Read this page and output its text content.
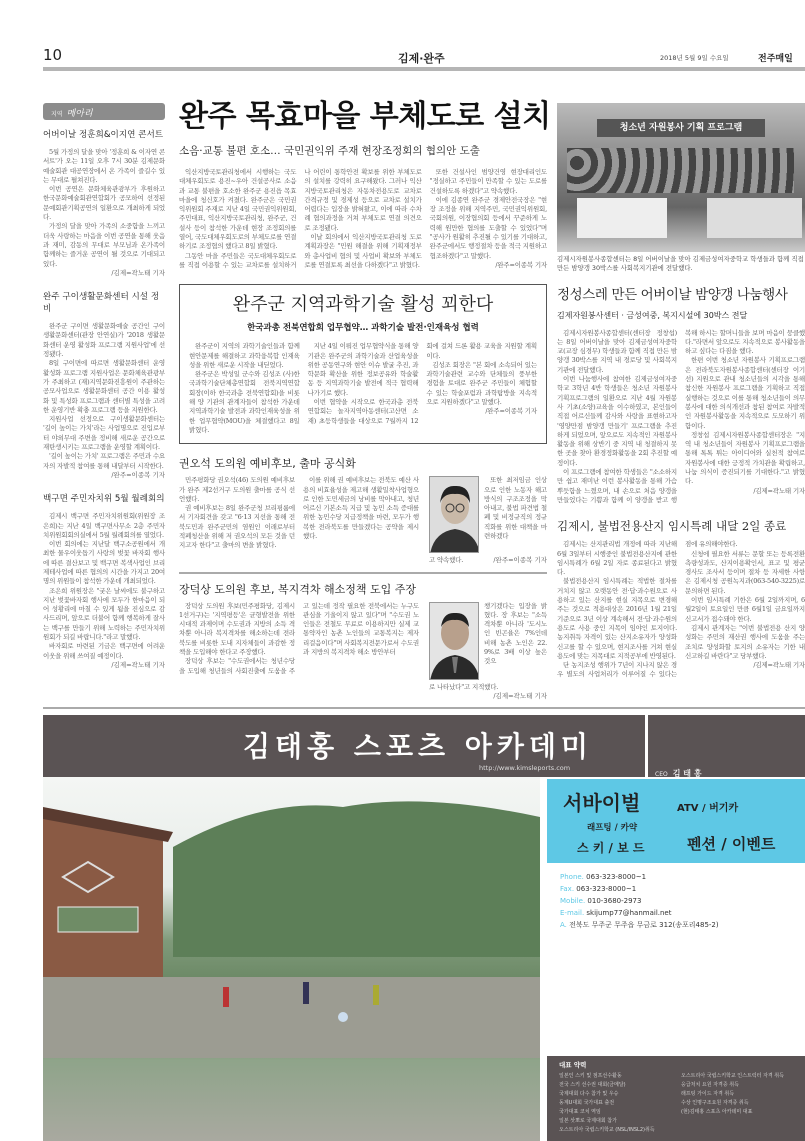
10	김제·완주	2018년 5월 9일 수요일	전주매일
지역 메아리
어버이날 정훈희&이지연 콘서트

5월 가정의 달을 맞아 '정훈희 & 이자연 콘서트'가 오는 11일 오후 7시 30분 김제문화예술회관 대공연장에서 온 가족이 즐길수 있는 무대로 펼쳐진다.

이번 공연은 문화체육관광부가 후원하고 한국문화예술회관연합회가 공모하여 선정된 문예회관기획공연의 일환으로 개최하게 되었다.

가정의 달을 맞아 가족의 소중함을 느끼고 더욱 사랑하는 마음을 이번 공연을 통해 웃음과 재미, 감동의 무대로 부모님과 온가족이 함께하는 즐거운 공연이 될 것으로 기대되고 있다.

/김제=곽노태 기자
완주 구이생활문화센터 시설 정비

완주군 구이면 생활문화예술 공간인 구이생활문화센터(관장 안연실)가 '2018 생활문화센터 운영 활성화 프로그램 지원사업'에 선정됐다.

8일 구이면에 따르면 생활문화센터 운영 활성화 프로그램 지원사업은 문화체육관광부가 주최하고 (재)지역문화진흥원이 주관하는 공모사업으로 생활문화센터 공간 이용 활성화 및 특성화 프로그램과 센터별 특성을 고려한 운영기반 확충 프로그램 등을 지원한다.

지원사업 선정으로 구이생활문화센터는 '길이 높이는 가치'라는 사업명으로 진입로부터 야외무대 주변을 정비해 새로운 공간으로 재탄생시키는 프로그램을 운영할 계획이다.

'길이 높이는 가치' 프로그램은 주민과 수요자의 자발적 참여를 통해 내달부터 시작한다.

/완주=이종복 기자
백구면 주민자치위 5월 월례회의

김제시 백구면 주민자치위원회(위원장 조은희)는 지난 4일 백구면사무소 2층 주민자치위원회회의실에서 5월 월례회의를 열었다.

이번 회의에는 지난달 백구소공원에서 개최한 물우이웃돕기 사랑의 벚꽃 바자회 행사에 따른 결산보고 및 백구면 복색사업인 브리제테사업에 따른 협의의 시간을 가지고 20여명의 위원들이 참석한 가운데 개최되었다.

조은희 위원장은 "궂은 날씨에도 불구하고 지난 벚꽃바자회 행사에 모두가 한마음이 되어 성황리에 마칠 수 있게 됨을 진심으로 감사드리며, 앞으로 더불어 함께 행복하게 잘사는 백구를 만들기 위해 노력하는 주민자치위원회가 되길 바랍니다."라고 말했다.

바자회로 마련된 기금은 백구면에 어려운 이웃을 위해 쓰여질 예정이다.

/김제=곽노태 기자
완주 목효마을 부체도로 설치
소음·교통 불편 호소… 국민권익위 주재 현장조정회의 협의안 도출

익산지방국토관리청에서 시행하는 국도대체우회도로 용진~우아 건설공사로 소음과 교통 불편을 호소한 완주군 용진읍 목효마을에 청신호가 켜졌다. 완주군은 국민권익위원회 주재로 지난 4일 국민권익위원회, 주민대표, 익산지방국토관리청, 완주군, 건설사 등이 참석한 가운데 현장 조정회의를 열어, 국도대체우회도로의 부체도로를 연결하기로 조정협의 했다고 8일 밝혔다.

그동안 마을 주민들은 국도대체우회도로를 직접 이용할 수 있는 교차로를 설치하거나 어린이 통학안전 확보를 위한 부체도로의 설치를 강력히 요구해왔다. 그러나 익산지방국토관리청은 자동차전용도로 교차로 간격규정 및 경제성 등으로 교차로 설치가 어렵다는 입장을 밝혀왔고, 이에 따라 수차례 협의과정을 거쳐 부체도로 연결 의견으로 조정됐다.

이날 회의에서 익산지방국토관리청 도로계획과장은 "민원 해결을 위해 기획재정부와 총사업비 협의 및 사업비 확보와 부체도로를 연결토록 최선을 다하겠다"고 밝혔다.

또한 건설사인 범양건영 현장대리인도 "정실하고 주민들이 만족할 수 있는 도로를 건설하도록 하겠다"고 약속했다.

이에 김종연 완주군 경제안전국장은 "현장 조정을 위해 지역주민, 국민권익위원회, 국회의원, 이장협의회 등에서 꾸준하게 노력해 원만한 협의를 도출할 수 있었다"며 "공사가 원활히 추진될 수 있기를 기대하고, 완주군에서도 행정절차 등을 적극 지원하고 협조하겠다"고 말했다.

/완주=이종복 기자
완주군 지역과학기술 활성 꾀한다
한국과총 전북연합회 업무협약… 과학기술 발전·인재육성 협력

완주군이 지역의 과학기술인들과 함께 현안문제를 해결하고 과학융복합 인재육성을 위한 새로운 시작을 내딛었다.

완주군은 박성일 군수와 김성조 (사)한국과학기술단체총연합회 전북지역연합회장(이하 한국과총 전북연합회)을 비롯해 양 기관의 관계자들이 참석한 가운데 지역과학기술 발전과 과학인재육성을 위한 업무협약(MOU)을 체결했다고 8일 밝혔다.

지난 4일 이뤄진 업무협약식을 통해 양 기관은 완주군의 과학기술과 산업육성을 위한 공동연구와 현안 이슈 발굴 추진, 과학문화 확산을 위한 정보공유와 학술활동 등 지역과학기술 발전에 적극 협력해 나가기로 했다.

이번 협약을 시작으로 한국과총 전북연합회는 놀자지역아동센터(고산면 소재) 초등학생들을 대상으로 7월까지 12회에 걸쳐 드론 활용 교육을 지원할 계획이다.

김성조 회장은 "본 회에 소속되어 있는 과학기술관련 교수와 단체들의 풍부한 경험을 토대로 완주군 주민들이 체험할 수 있는 학술포럼과 과학탐방을 지속적으로 지원하겠다"고 말했다.

/완주=이종복 기자
권오석 도의원 예비후보, 출마 공식화

민주평화당 권오석(46) 도의원 예비후보가 완주 제2선거구 도의원 출마를 공식 선언했다.

권 예비후보는 8일 완주군청 브리핑룸에서 기자회견을 갖고 "6·13 지선을 통해 전북도민과 완주군민의 염원인 이래로부터 적폐청산을 위해 저 권오석의 모든 것을 던지고자 한다"고 출마의 변을 밝혔다.

이를 위해 권 예비후보는 전북도 예산 사용의 비효율성을 제고해 생활밀착사업형으로 인한 도민세금의 낭비를 막아내고, 청년 어르신 기본소득 지급 및 농민 소득 증대를 위한 농민수당 지급정책을 마련, 모두가 행복한 전라북도를 만들겠다는 공약을 제시했다.

또한 최저임금 인상으로 인한 노동자 해고 방식의 구조조정을 막아내고, 불법 파견법 철폐 및 비정규직의 정규직화를 위한 대책을 마련하겠다
고 약속했다.	/완주=이종복 기자
장덕상 도의원 후보, 복지격차 해소정책 도입 주장

장덕상 도의원 후보(민주평화당, 김제시 1선거구)는 '지역평등'은 균형발전을 위한 시대적 과제이며 수도권과 지방의 소득 격차뿐 아니라 복지격차를 해소하는데 전라북도를 비롯한 도내 지자체들이 과감한 정책을 도입해야 한다고 주장했다.

장덕상 후보는 "수도권에서는 청년수당을 도입해 청년들의 사회진출에 도움을 주고 있는데 정작 필요한 전북에서는 누구도 관심을 기울이지 않고 있다"며 "수도권 노인들은 전철도 무료로 이용하지만 실제 교통약자인 농촌 노인들의 교통복지는 제자리걸음이다"며 사회복지전문가로서 수도권과 지방의 복지격차 해소 방안부터

챙기겠다는 입장을 밝혔다. 장 후보는 "소득 격차뿐 아니라 '도시노인 빈곤율은 7%인데 비해 농촌 노인은 22.9%로 3배 이상 높은 것으
로 나타났다"고 지적했다.
/김제=곽노태 기자
청소년 자원봉사 기획 프로그램
김제시자원봉사종합센터는 8일 어버이날을 맞아 김제금성여자중학교 학생들과 함께 직접 만든 밤양갱 30박스를 사회복지기관에 전달했다.
정성스레 만든 어버이날 밤양갱 나눔행사
김제자원봉사센터 · 금성여중, 복지시설에 30박스 전달

김제시자원봉사종합센터(센터장 정창섭)는 8일 어버이날을 맞아 김제금성여자중학교(교장 심경무) 학생들과 함께 직접 만든 밤양갱 30박스를 지역 내 경로당 및 사회복지기관에 전달했다.

이번 나눔행사에 참여한 김제금성여자중학교 3학년 4반 학생들은 청소년 자원봉사 기획프로그램의 일환으로 지난 4월 자원봉사 기초(소양)교육을 이수하였고, 본인들이 직접 어르신들께 감사와 사랑을 표현하고자 '영양만점 밤양갱 만들기' 프로그램을 추진하게 되었으며, 앞으로도 지속적인 자원봉사활동을 위해 상반기 중 지역 내 청결하지 못한 곳을 찾아 환경정화활동을 2회 추진할 예정이다.

이 프로그램에 참여한 학생들은 "소소하지만 쉽고 재미난 이런 봉사활동을 통해 가슴 뿌듯함을 느꼈으며, 내 손으로 처음 양갱을 만들었다는 기쁨과 함께 이 양갱을 받고 행복해 하시는 할머니들을 보며 마음이 뭉클했다."라면서 앞으로도 지속적으로 봉사활동을 하고 싶다는 다짐을 했다.

한편 이번 청소년 자원봉사 기획프로그램은 전라북도자원봉사종합센터(센터장 이기선) 지원으로 관내 청소년들의 시각을 통해 참신한 자원봉사 프로그램을 기획하고 직접 실행하는 것으로 이를 통해 청소년들이 의무봉사에 대한 의식개선과 참된 참여로 자발적인 자원봉사활동을 지속적으로 도모하기 위함이다.

정창섭 김제시자원봉사종합센터장은 "지역 내 청소년들이 자원봉사 기획프로그램을 통해 톡톡 튀는 아이디어와 실천적 참여로 자원봉사에 대한 긍정적 가치관을 확립하고, 나눔 의식이 증진되기를 기대한다."고 밝혔다.

/김제=곽노태 기자
김제시, 불법전용산지 임시특례 내달 2일 종료

김제시는 산지관리법 개정에 따라 지난해 6월 3일부터 시행중인 불법전용산지에 관한 임시특례가 6월 2일 자로 종료된다고 밝혔다.

불법전용산지 임시특례는 적법한 절차를 거치지 않고 오랫동안 전·답·과수원으로 사용하고 있는 산지를 현실 지목으로 변경해 주는 것으로 적용대상은 2016년 1월 21일 기준으로 3년 이상 계속해서 전·답·과수원의 용도로 사용 중인 지목이 임야인 토지이다. 농지취득 자격이 있는 산지소유자가 양성화 신고를 할 수 있으며, 현지조사를 거쳐 현실용도에 맞는 지목대로 지적공부에 반영된다.

단 농지조성 행위가 7년이 지나지 않은 경우 별도의 사업처리가 이루어질 수 있다는 점에 유의해야한다.

신청에 필요한 서류는 문할 또는 등록전환측량성과도, 산지이용확인서, 표고 및 평균경사도 조사서 등이며 절차 등 자세한 사항은 김제시청 공원녹지과(063-540-3225)로 문의하면 된다.

이번 임시특례 기한은 6월 2일까지며, 6월2일이 토요일인 만큼 6월1일 금요일까지 신고서가 접수돼야 한다.

김제시 관계자는 "이번 불법전용 산지 양성화는 주민의 재산권 행사에 도움을 주는 조치로 양성화할 토지의 소유자는 기한 내 신고하길 바란다"고 당부했다.

/김제=곽노태 기자
김태홍 스포츠 아카데미
http://www.kimsleports.com
CEO 김 태 홍
서바이벌	ATV / 버기카
래프팅 / 카약
스 키 / 보 드	펜션 / 이벤트
Phone. 063-323-8000~1
Fax. 063-323-8000~1
Mobile. 010-3680-2973
E-mail. skijump77@hanmail.net
A. 전북도 무주군 무주읍 무금로 312(송포리485-2)
대표 약력
일본인 스키 및 점프선수활동
전국 스키 선수권 대회(금메달)
국제대회 다수 참가 및 우승
동계U대회 국가대표 출전
국가대표 코치 역임
일본 삿뽀로 국제대회 참가
오스트리아 국립스키학교 (NSL/INSL2)취득
오스트리아 국립스키학교 인스트럭터 자격 취득
응급처치 요원 자격증 취득
래프팅 가이드 자격 취득
수상 인명구조요원 자격증 취득
(현)김태홍 스포츠 아카데미 대표
